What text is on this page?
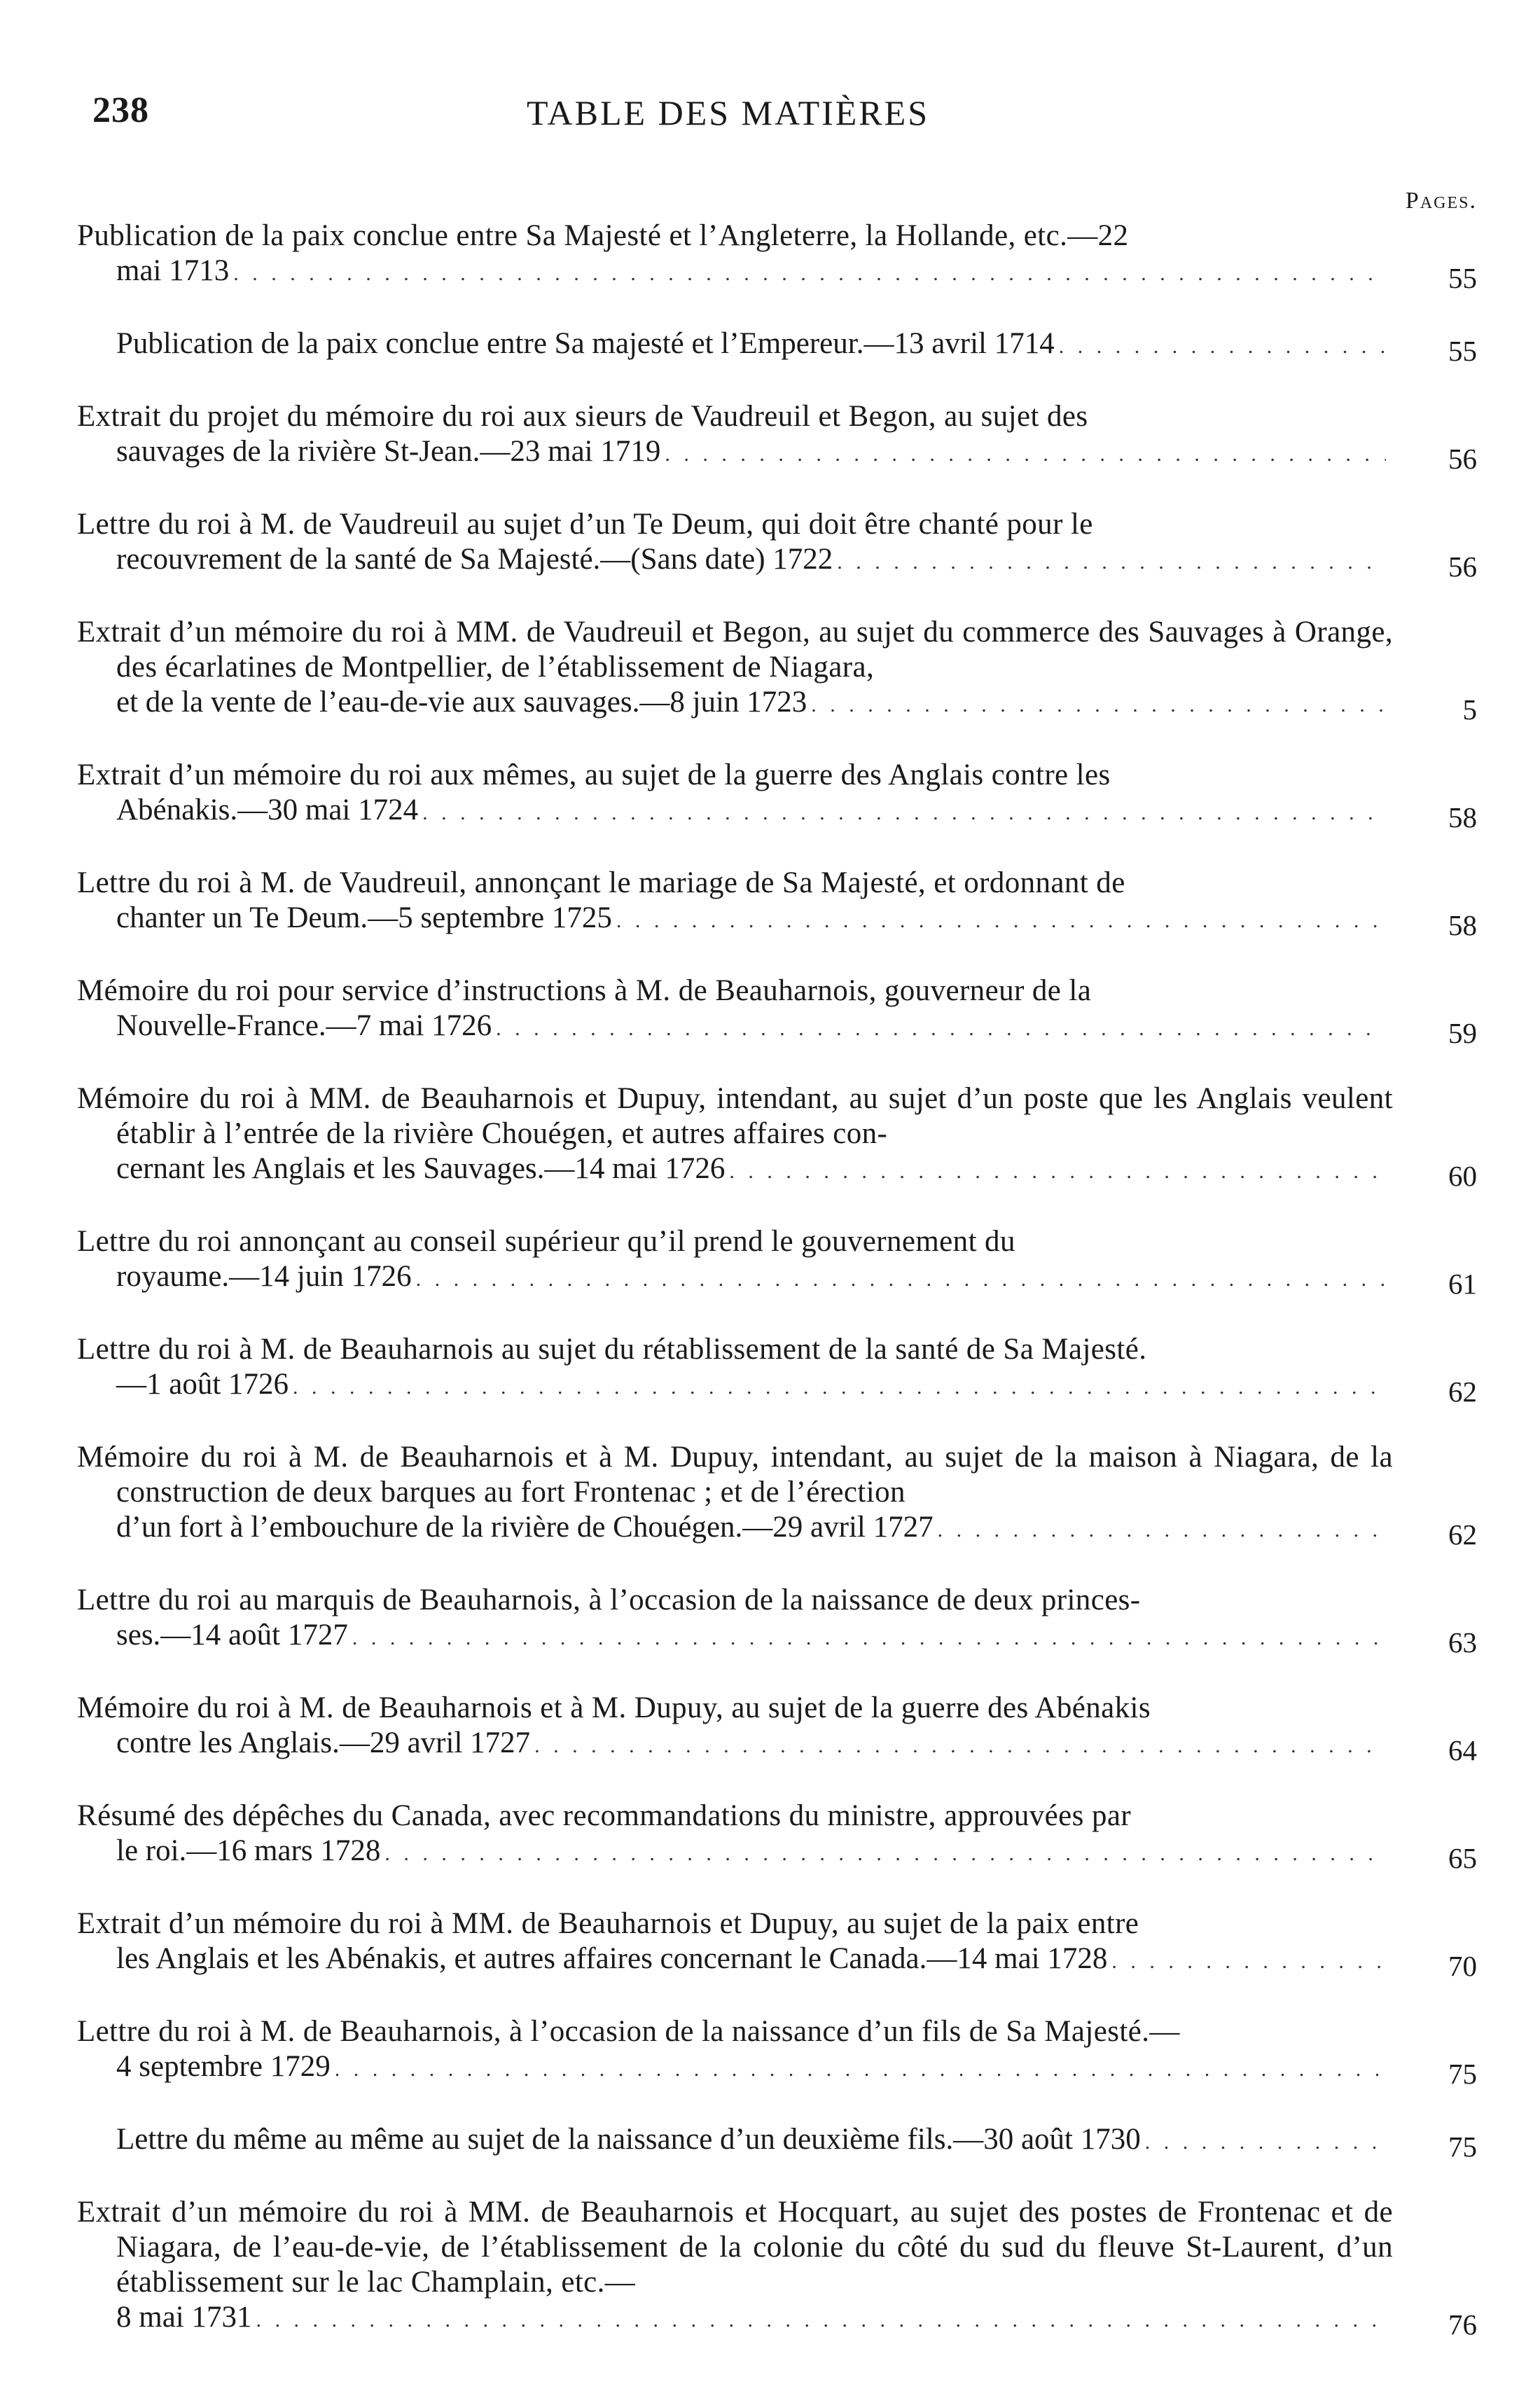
238	TABLE DES MATIÈRES
Pages.
Publication de la paix conclue entre Sa Majesté et l’Angleterre, la Hollande, etc.—22
mai 1713 . . .	55
Publication de la paix conclue entre Sa majesté et l’Empereur.—13 avril 1714 . . .	55
Extrait du projet du mémoire du roi aux sieurs de Vaudreuil et Begon, au sujet des
sauvages de la rivière St-Jean.—23 mai 1719 . . .	56
Lettre du roi à M. de Vaudreuil au sujet d’un Te Deum, qui doit être chanté pour le
recouvrement de la santé de Sa Majesté.—(Sans date) 1722 . . .	56
Extrait d’un mémoire du roi à MM. de Vaudreuil et Begon, au sujet du commerce des Sauvages à Orange, des écarlatines de Montpellier, de l’établissement de Niagara,
et de la vente de l’eau-de-vie aux sauvages.—8 juin 1723 . . .	5
Extrait d’un mémoire du roi aux mêmes, au sujet de la guerre des Anglais contre les
Abénakis.—30 mai 1724 . . .	58
Lettre du roi à M. de Vaudreuil, annonçant le mariage de Sa Majesté, et ordonnant de
chanter un Te Deum.—5 septembre 1725 . . .	58
Mémoire du roi pour service d’instructions à M. de Beauharnois, gouverneur de la
Nouvelle-France.—7 mai 1726 . . .	59
Mémoire du roi à MM. de Beauharnois et Dupuy, intendant, au sujet d’un poste que les Anglais veulent établir à l’entrée de la rivière Chouégen, et autres affaires con-
cernant les Anglais et les Sauvages.—14 mai 1726 . . .	60
Lettre du roi annonçant au conseil supérieur qu’il prend le gouvernement du
royaume.—14 juin 1726 . . .	61
Lettre du roi à M. de Beauharnois au sujet du rétablissement de la santé de Sa Majesté.
—1 août 1726 . . .	62
Mémoire du roi à M. de Beauharnois et à M. Dupuy, intendant, au sujet de la maison à Niagara, de la construction de deux barques au fort Frontenac ; et de l’érection
d’un fort à l’embouchure de la rivière de Chouégen.—29 avril 1727 . . .	62
Lettre du roi au marquis de Beauharnois, à l’occasion de la naissance de deux princes-
ses.—14 août 1727 . . .	63
Mémoire du roi à M. de Beauharnois et à M. Dupuy, au sujet de la guerre des Abénakis
contre les Anglais.—29 avril 1727 . . .	64
Résumé des dépêches du Canada, avec recommandations du ministre, approuvées par
le roi.—16 mars 1728 . . .	65
Extrait d’un mémoire du roi à MM. de Beauharnois et Dupuy, au sujet de la paix entre
les Anglais et les Abénakis, et autres affaires concernant le Canada.—14 mai 1728 . . .	70
Lettre du roi à M. de Beauharnois, à l’occasion de la naissance d’un fils de Sa Majesté.—
4 septembre 1729 . . .	75
Lettre du même au même au sujet de la naissance d’un deuxième fils.—30 août 1730 . . .	75
Extrait d’un mémoire du roi à MM. de Beauharnois et Hocquart, au sujet des postes de Frontenac et de Niagara, de l’eau-de-vie, de l’établissement de la colonie du côté du sud du fleuve St-Laurent, d’un établissement sur le lac Champlain, etc.—
8 mai 1731 . . .	76
